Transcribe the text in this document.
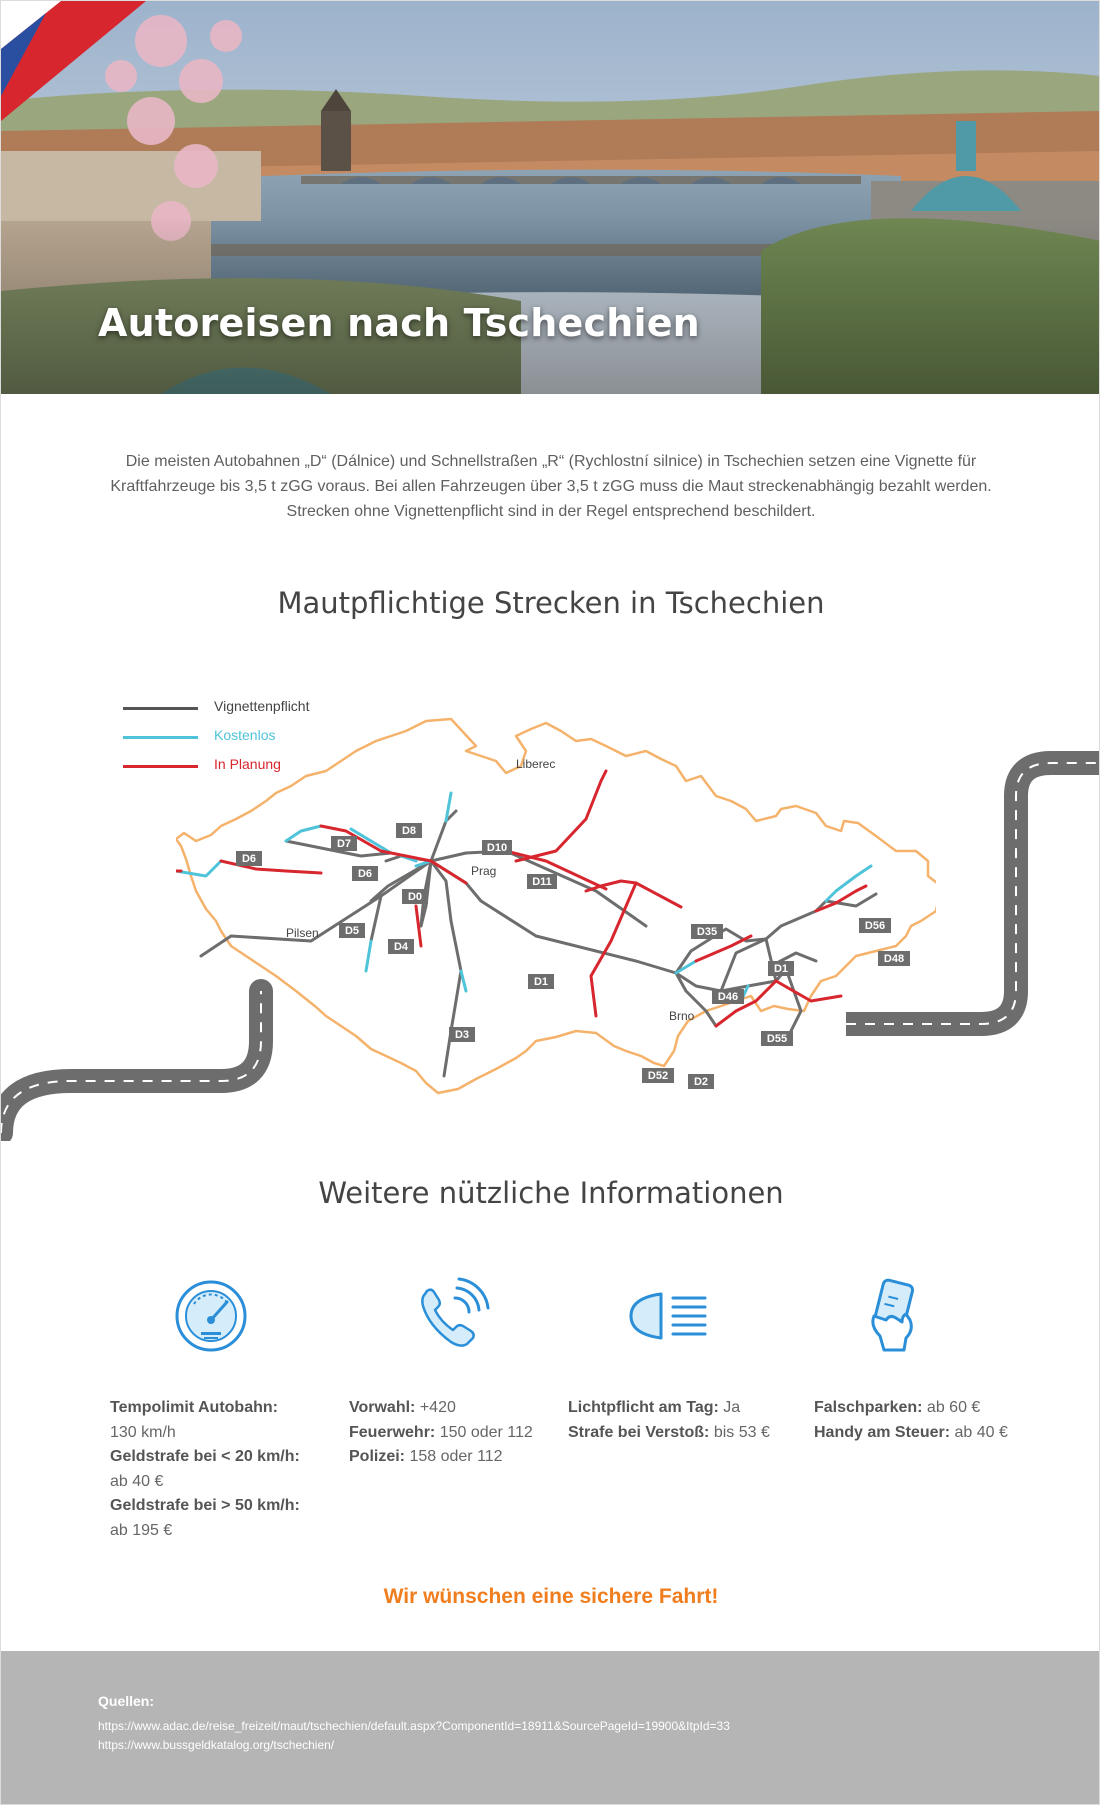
Autoreisen nach Tschechien

Die meisten Autobahnen „D“ (Dálnice) und Schnellstraßen „R“ (Rychlostní silnice) in Tschechien setzen eine Vignette für Kraftfahrzeuge bis 3,5 t zGG voraus. Bei allen Fahrzeugen über 3,5 t zGG muss die Maut streckenabhängig bezahlt werden. Strecken ohne Vignettenpflicht sind in der Regel entsprechend beschildert.

Mautpflichtige Strecken in Tschechien
Vignettenpflicht
Kostenlos
In Planung	Liberec
Prag
Pilsen
Brno
D8
D7
D6
D6
D10
D11
D0
D5
D4
D1
D3
D35
D1
D56
D48
D46
D55
D52 D2
Weitere nützliche Informationen
Tempolimit Autobahn:
130 km/h
Geldstrafe bei < 20 km/h:
ab 40 €
Geldstrafe bei > 50 km/h:
ab 195 €
Vorwahl: +420
Feuerwehr: 150 oder 112
Polizei: 158 oder 112
Lichtpflicht am Tag: Ja
Strafe bei Verstoß: bis 53 €
Falschparken: ab 60 €
Handy am Steuer: ab 40 €

Wir wünschen eine sichere Fahrt!

Quellen:
https://www.adac.de/reise_freizeit/maut/tschechien/default.aspx?ComponentId=18911&SourcePageId=19900&ItpId=33
https://www.bussgeldkatalog.org/tschechien/
